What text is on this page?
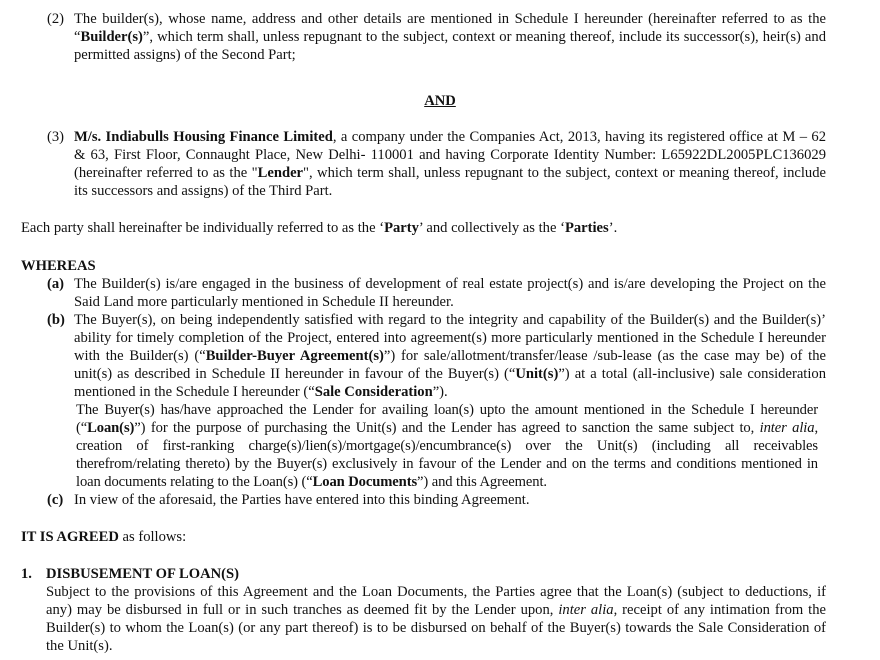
(2) The builder(s), whose name, address and other details are mentioned in Schedule I hereunder (hereinafter referred to as the “Builder(s)”, which term shall, unless repugnant to the subject, context or meaning thereof, include its successor(s), heir(s) and permitted assigns) of the Second Part;
AND
(3) M/s. Indiabulls Housing Finance Limited, a company under the Companies Act, 2013, having its registered office at M – 62 & 63, First Floor, Connaught Place, New Delhi- 110001 and having Corporate Identity Number: L65922DL2005PLC136029 (hereinafter referred to as the "Lender", which term shall, unless repugnant to the subject, context or meaning thereof, include its successors and assigns) of the Third Part.
Each party shall hereinafter be individually referred to as the ‘Party’ and collectively as the ‘Parties’.
WHEREAS
(a) The Builder(s) is/are engaged in the business of development of real estate project(s) and is/are developing the Project on the Said Land more particularly mentioned in Schedule II hereunder.
(b) The Buyer(s), on being independently satisfied with regard to the integrity and capability of the Builder(s) and the Builder(s)’ ability for timely completion of the Project, entered into agreement(s) more particularly mentioned in the Schedule I hereunder with the Builder(s) (“Builder-Buyer Agreement(s)”) for sale/allotment/transfer/lease /sub-lease (as the case may be) of the unit(s) as described in Schedule II hereunder in favour of the Buyer(s) (“Unit(s)”) at a total (all-inclusive) sale consideration mentioned in the Schedule I hereunder (“Sale Consideration”).
The Buyer(s) has/have approached the Lender for availing loan(s) upto the amount mentioned in the Schedule I hereunder (“Loan(s)”) for the purpose of purchasing the Unit(s) and the Lender has agreed to sanction the same subject to, inter alia, creation of first-ranking charge(s)/lien(s)/mortgage(s)/encumbrance(s) over the Unit(s) (including all receivables therefrom/relating thereto) by the Buyer(s) exclusively in favour of the Lender and on the terms and conditions mentioned in loan documents relating to the Loan(s) (“Loan Documents”) and this Agreement.
(c) In view of the aforesaid, the Parties have entered into this binding Agreement.
IT IS AGREED as follows:
1. DISBUSEMENT OF LOAN(S)
Subject to the provisions of this Agreement and the Loan Documents, the Parties agree that the Loan(s) (subject to deductions, if any) may be disbursed in full or in such tranches as deemed fit by the Lender upon, inter alia, receipt of any intimation from the Builder(s) to whom the Loan(s) (or any part thereof) is to be disbursed on behalf of the Buyer(s) towards the Sale Consideration of the Unit(s).
